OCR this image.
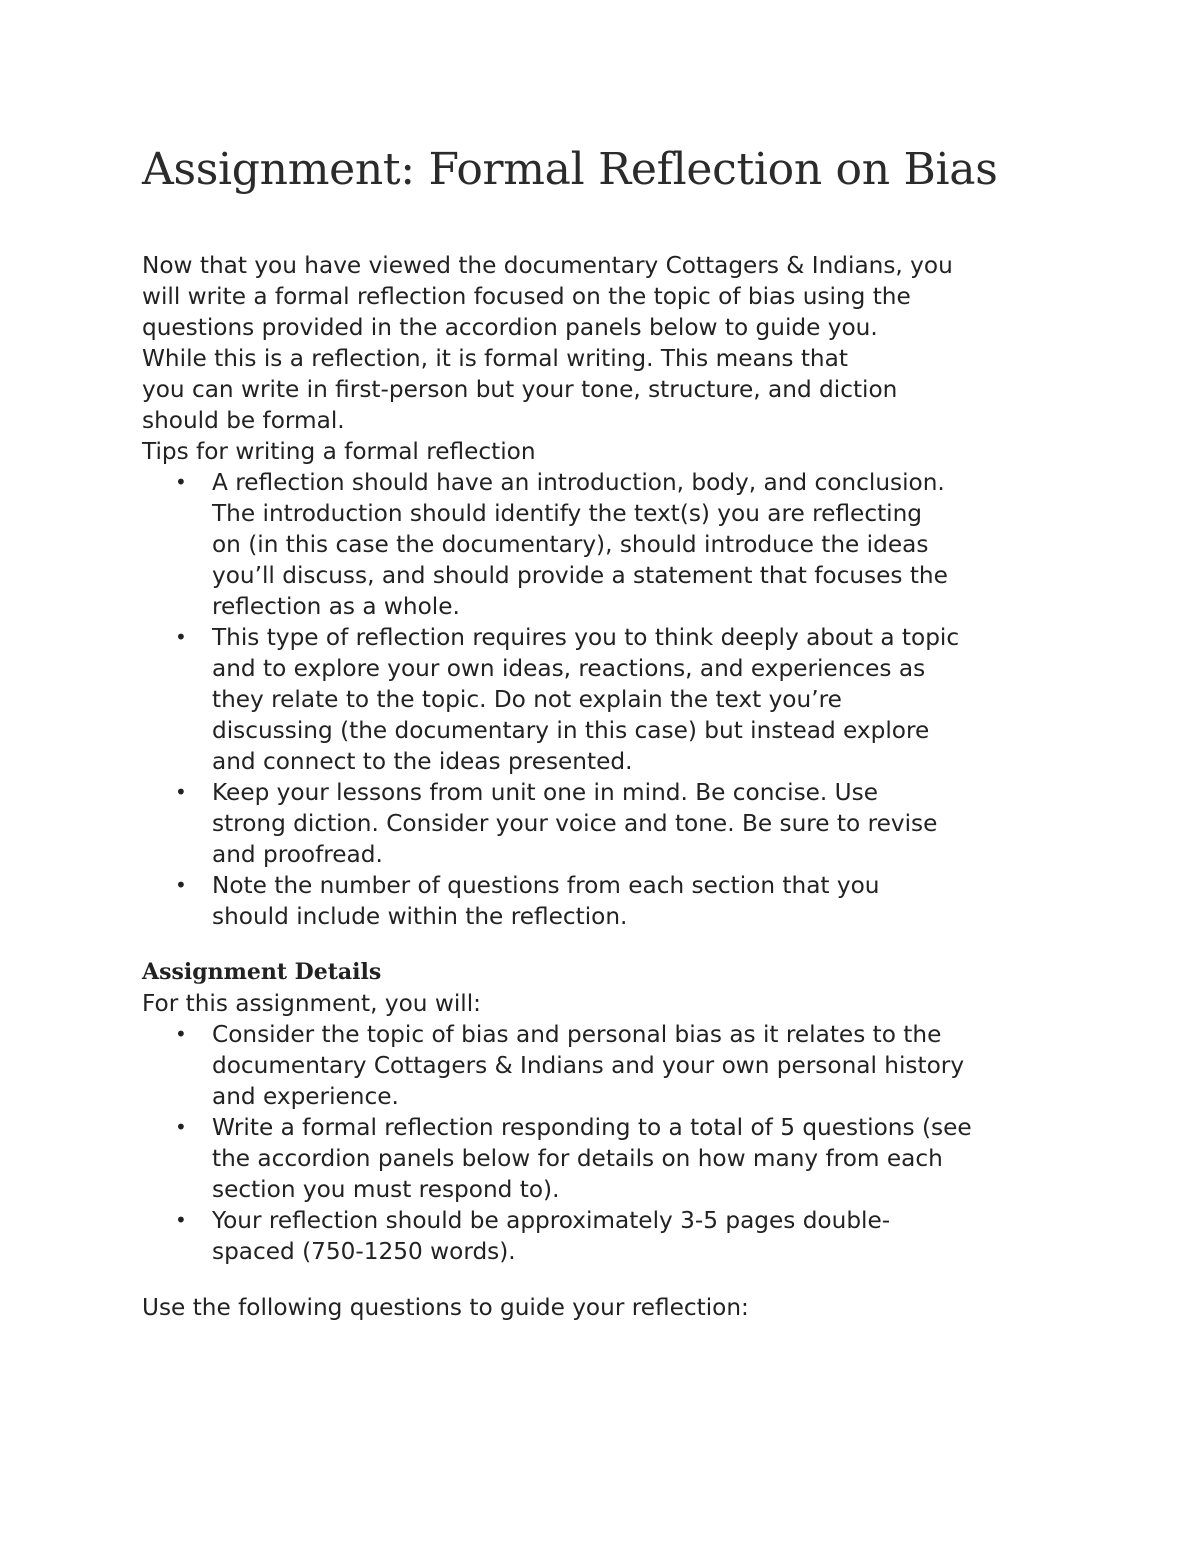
Assignment: Formal Reflection on Bias

Now that you have viewed the documentary Cottagers & Indians, you
will write a formal reflection focused on the topic of bias using the
questions provided in the accordion panels below to guide you.
While this is a reflection, it is formal writing. This means that
you can write in first-person but your tone, structure, and diction
should be formal.

Tips for writing a formal reflection

• A reflection should have an introduction, body, and conclusion.
The introduction should identify the text(s) you are reflecting
on (in this case the documentary), should introduce the ideas
you’ll discuss, and should provide a statement that focuses the
reflection as a whole.
• This type of reflection requires you to think deeply about a topic
and to explore your own ideas, reactions, and experiences as
they relate to the topic. Do not explain the text you’re
discussing (the documentary in this case) but instead explore
and connect to the ideas presented.
• Keep your lessons from unit one in mind. Be concise. Use
strong diction. Consider your voice and tone. Be sure to revise
and proofread.
• Note the number of questions from each section that you
should include within the reflection.
Assignment Details

For this assignment, you will:

• Consider the topic of bias and personal bias as it relates to the
documentary Cottagers & Indians and your own personal history
and experience.
• Write a formal reflection responding to a total of 5 questions (see
the accordion panels below for details on how many from each
section you must respond to).
• Your reflection should be approximately 3-5 pages double-
spaced (750-1250 words).

Use the following questions to guide your reflection:
